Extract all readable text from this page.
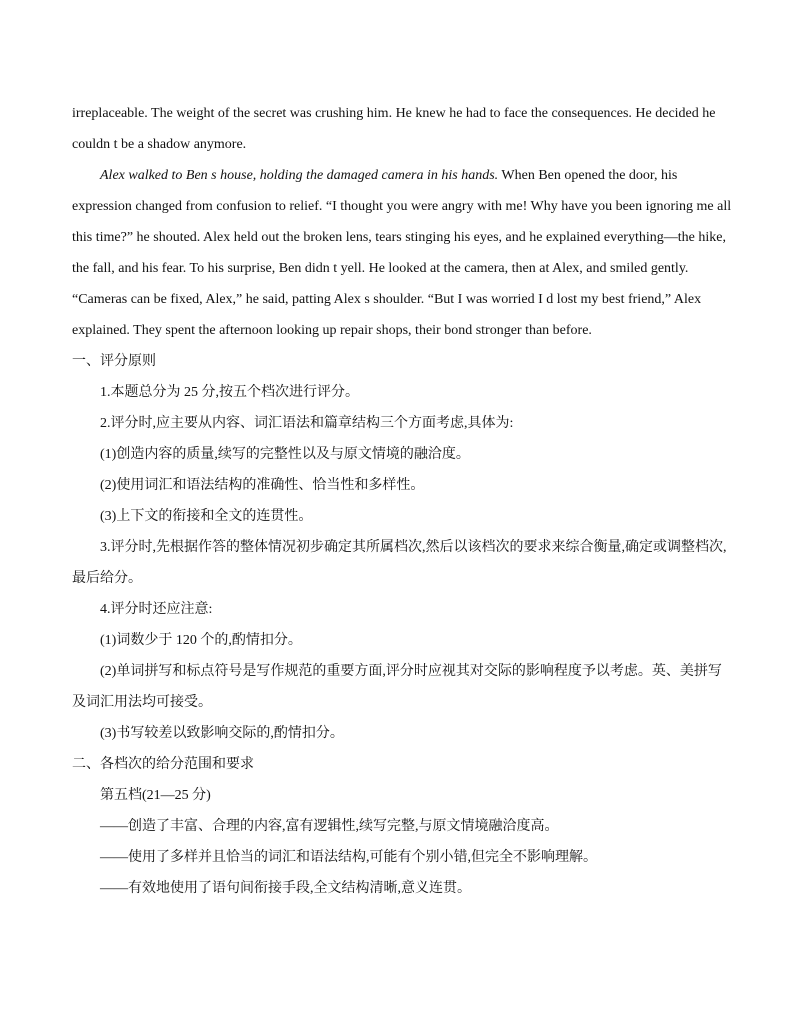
irreplaceable. The weight of the secret was crushing him. He knew he had to face the consequences. He decided he
couldn t be a shadow anymore.
Alex walked to Ben s house, holding the damaged camera in his hands. When Ben opened the door, his
expression changed from confusion to relief. “I thought you were angry with me! Why have you been ignoring me all
this time?” he shouted. Alex held out the broken lens, tears stinging his eyes, and he explained everything—the hike,
the fall, and his fear. To his surprise, Ben didn t yell. He looked at the camera, then at Alex, and smiled gently.
“Cameras can be fixed, Alex,” he said, patting Alex s shoulder. “But I was worried I d lost my best friend,” Alex
explained. They spent the afternoon looking up repair shops, their bond stronger than before.
一、评分原则
1.本题总分为 25 分,按五个档次进行评分。
2.评分时,应主要从内容、词汇语法和篇章结构三个方面考虑,具体为:
(1)创造内容的质量,续写的完整性以及与原文情境的融洽度。
(2)使用词汇和语法结构的准确性、恰当性和多样性。
(3)上下文的衔接和全文的连贯性。
3.评分时,先根据作答的整体情况初步确定其所属档次,然后以该档次的要求来综合衡量,确定或调整档次,
最后给分。
4.评分时还应注意:
(1)词数少于 120 个的,酌情扣分。
(2)单词拼写和标点符号是写作规范的重要方面,评分时应视其对交际的影响程度予以考虑。英、美拼写
及词汇用法均可接受。
(3)书写较差以致影响交际的,酌情扣分。
二、各档次的给分范围和要求
第五档(21—25 分)
——创造了丰富、合理的内容,富有逻辑性,续写完整,与原文情境融洽度高。
——使用了多样并且恰当的词汇和语法结构,可能有个别小错,但完全不影响理解。
——有效地使用了语句间衔接手段,全文结构清晰,意义连贯。
